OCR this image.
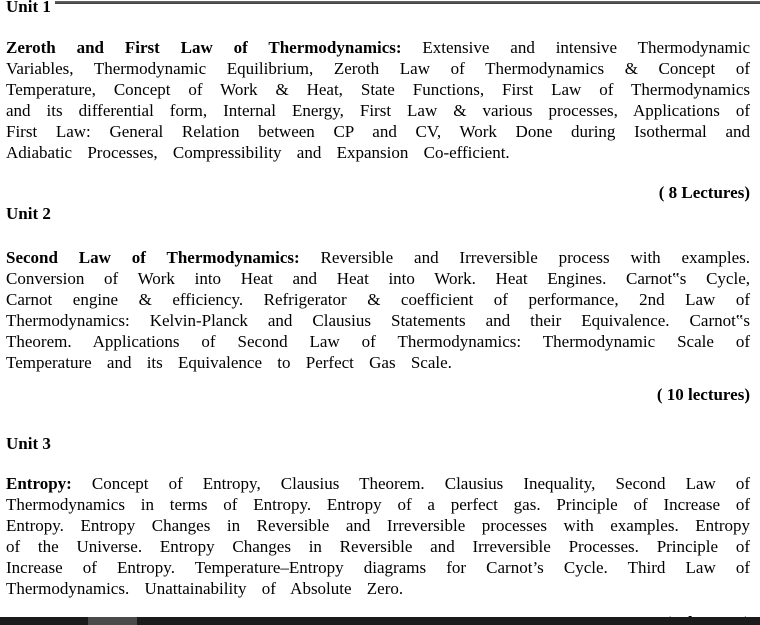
Unit 1

Zeroth and First Law of Thermodynamics: Extensive and intensive Thermodynamic Variables, Thermodynamic Equilibrium, Zeroth Law of Thermodynamics & Concept of Temperature, Concept of Work & Heat, State Functions, First Law of Thermodynamics and its differential form, Internal Energy, First Law & various processes, Applications of First Law: General Relation between CP and CV, Work Done during Isothermal and Adiabatic Processes, Compressibility and Expansion Co-efficient.

( 8 Lectures)

Unit 2

Second Law of Thermodynamics: Reversible and Irreversible process with examples. Conversion of Work into Heat and Heat into Work. Heat Engines. Carnot‟s Cycle, Carnot engine & efficiency. Refrigerator & coefficient of performance, 2nd Law of Thermodynamics: Kelvin-Planck and Clausius Statements and their Equivalence. Carnot‟s Theorem. Applications of Second Law of Thermodynamics: Thermodynamic Scale of Temperature and its Equivalence to Perfect Gas Scale.

( 10 lectures)

Unit 3

Entropy: Concept of Entropy, Clausius Theorem. Clausius Inequality, Second Law of Thermodynamics in terms of Entropy. Entropy of a perfect gas. Principle of Increase of Entropy. Entropy Changes in Reversible and Irreversible processes with examples. Entropy of the Universe. Entropy Changes in Reversible and Irreversible Processes. Principle of Increase of Entropy. Temperature–Entropy diagrams for Carnot’s Cycle. Third Law of Thermodynamics. Unattainability of Absolute Zero.
